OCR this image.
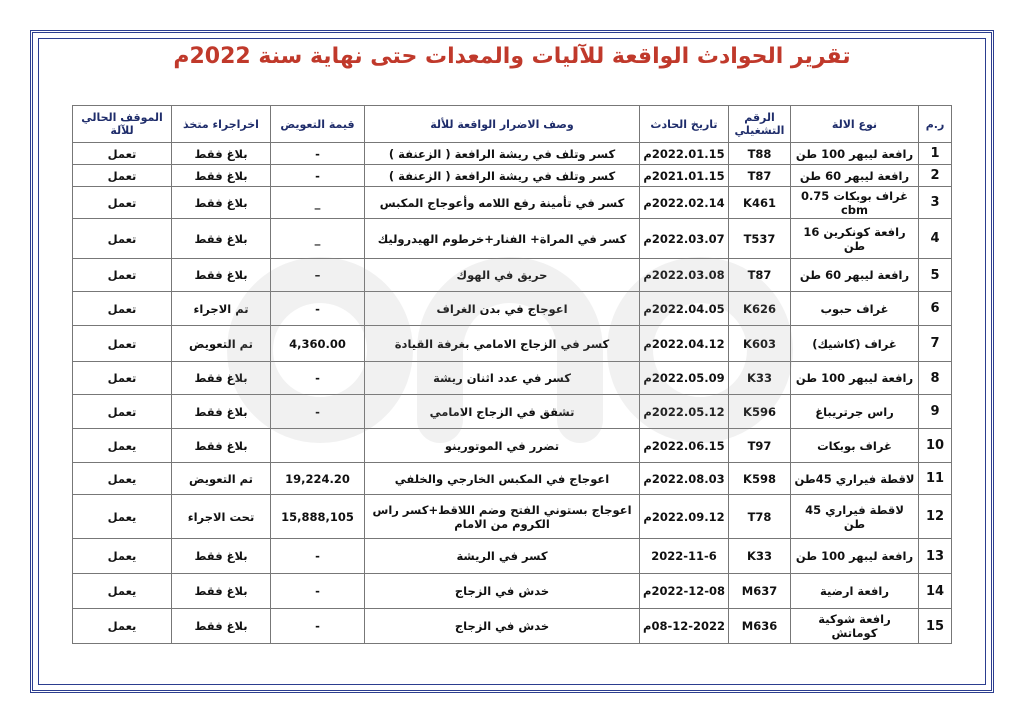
تقرير الحوادث الواقعة للآليات والمعدات حتى نهاية سنة 2022م
ر.م	نوع الالة	الرقم التشغيلي	تاريخ الحادث	وصف الاضرار الواقعة للألة	قيمة التعويض	اخراجراء متخذ	الموقف الحالي للآلة
1	رافعة ليبهر 100 طن	T88	2022.01.15م	كسر وتلف في ريشة الرافعة ( الزعنفة )	-	بلاغ فقط	تعمل
2	رافعة ليبهر 60 طن	T87	2021.01.15م	كسر وتلف في ريشة الرافعة ( الزعنفة )	-	بلاغ فقط	تعمل
3	غراف بوبكات 0.75 cbm	K461	2022.02.14م	كسر في تأمينة رفع اللامه وأعوجاج المكبس	_	بلاغ فقط	تعمل
4	رافعة كونكرين 16 طن	T537	2022.03.07م	كسر في المراة+ الفنار+خرطوم الهيدروليك	_	بلاغ فقط	تعمل
5	رافعة ليبهر 60 طن	T87	2022.03.08م	حريق في الهوك	–	بلاغ فقط	تعمل
6	غراف حبوب	K626	2022.04.05م	اعوجاج في بدن الغراف	-	تم الاجراء	تعمل
7	غراف (كاشيك)	K603	2022.04.12م	كسر في الزجاج الامامي بغرفة القيادة	4,360.00	تم التعويض	تعمل
8	رافعة ليبهر 100 طن	K33	2022.05.09م	كسر في عدد اثنان ريشة	-	بلاغ فقط	تعمل
9	راس جرتريباغ	K596	2022.05.12م	تشقق في الزجاج الامامي	-	بلاغ فقط	تعمل
10	غراف بوبكات	T97	2022.06.15م	تضرر في الموتورينو		بلاغ فقط	يعمل
11	لاقطة فيراري 45طن	K598	2022.08.03م	اعوجاج في المكبس الخارجي والخلفي	19,224.20	تم التعويض	يعمل
12	لاقطة فيراري 45 طن	T78	2022.09.12م	اعوجاج بستوني الفتح وضم اللاقط+كسر راس الكروم من الامام	15,888,105	تحت الاجراء	يعمل
13	رافعة ليبهر 100 طن	K33	2022-11-6	كسر في الريشة	-	بلاغ فقط	يعمل
14	رافعة ارضية	M637	2022-12-08م	خدش في الزجاج	-	بلاغ فقط	يعمل
15	رافعة شوكية كوماتش	M636	08-12-2022م	خدش في الزجاج	-	بلاغ فقط	يعمل
